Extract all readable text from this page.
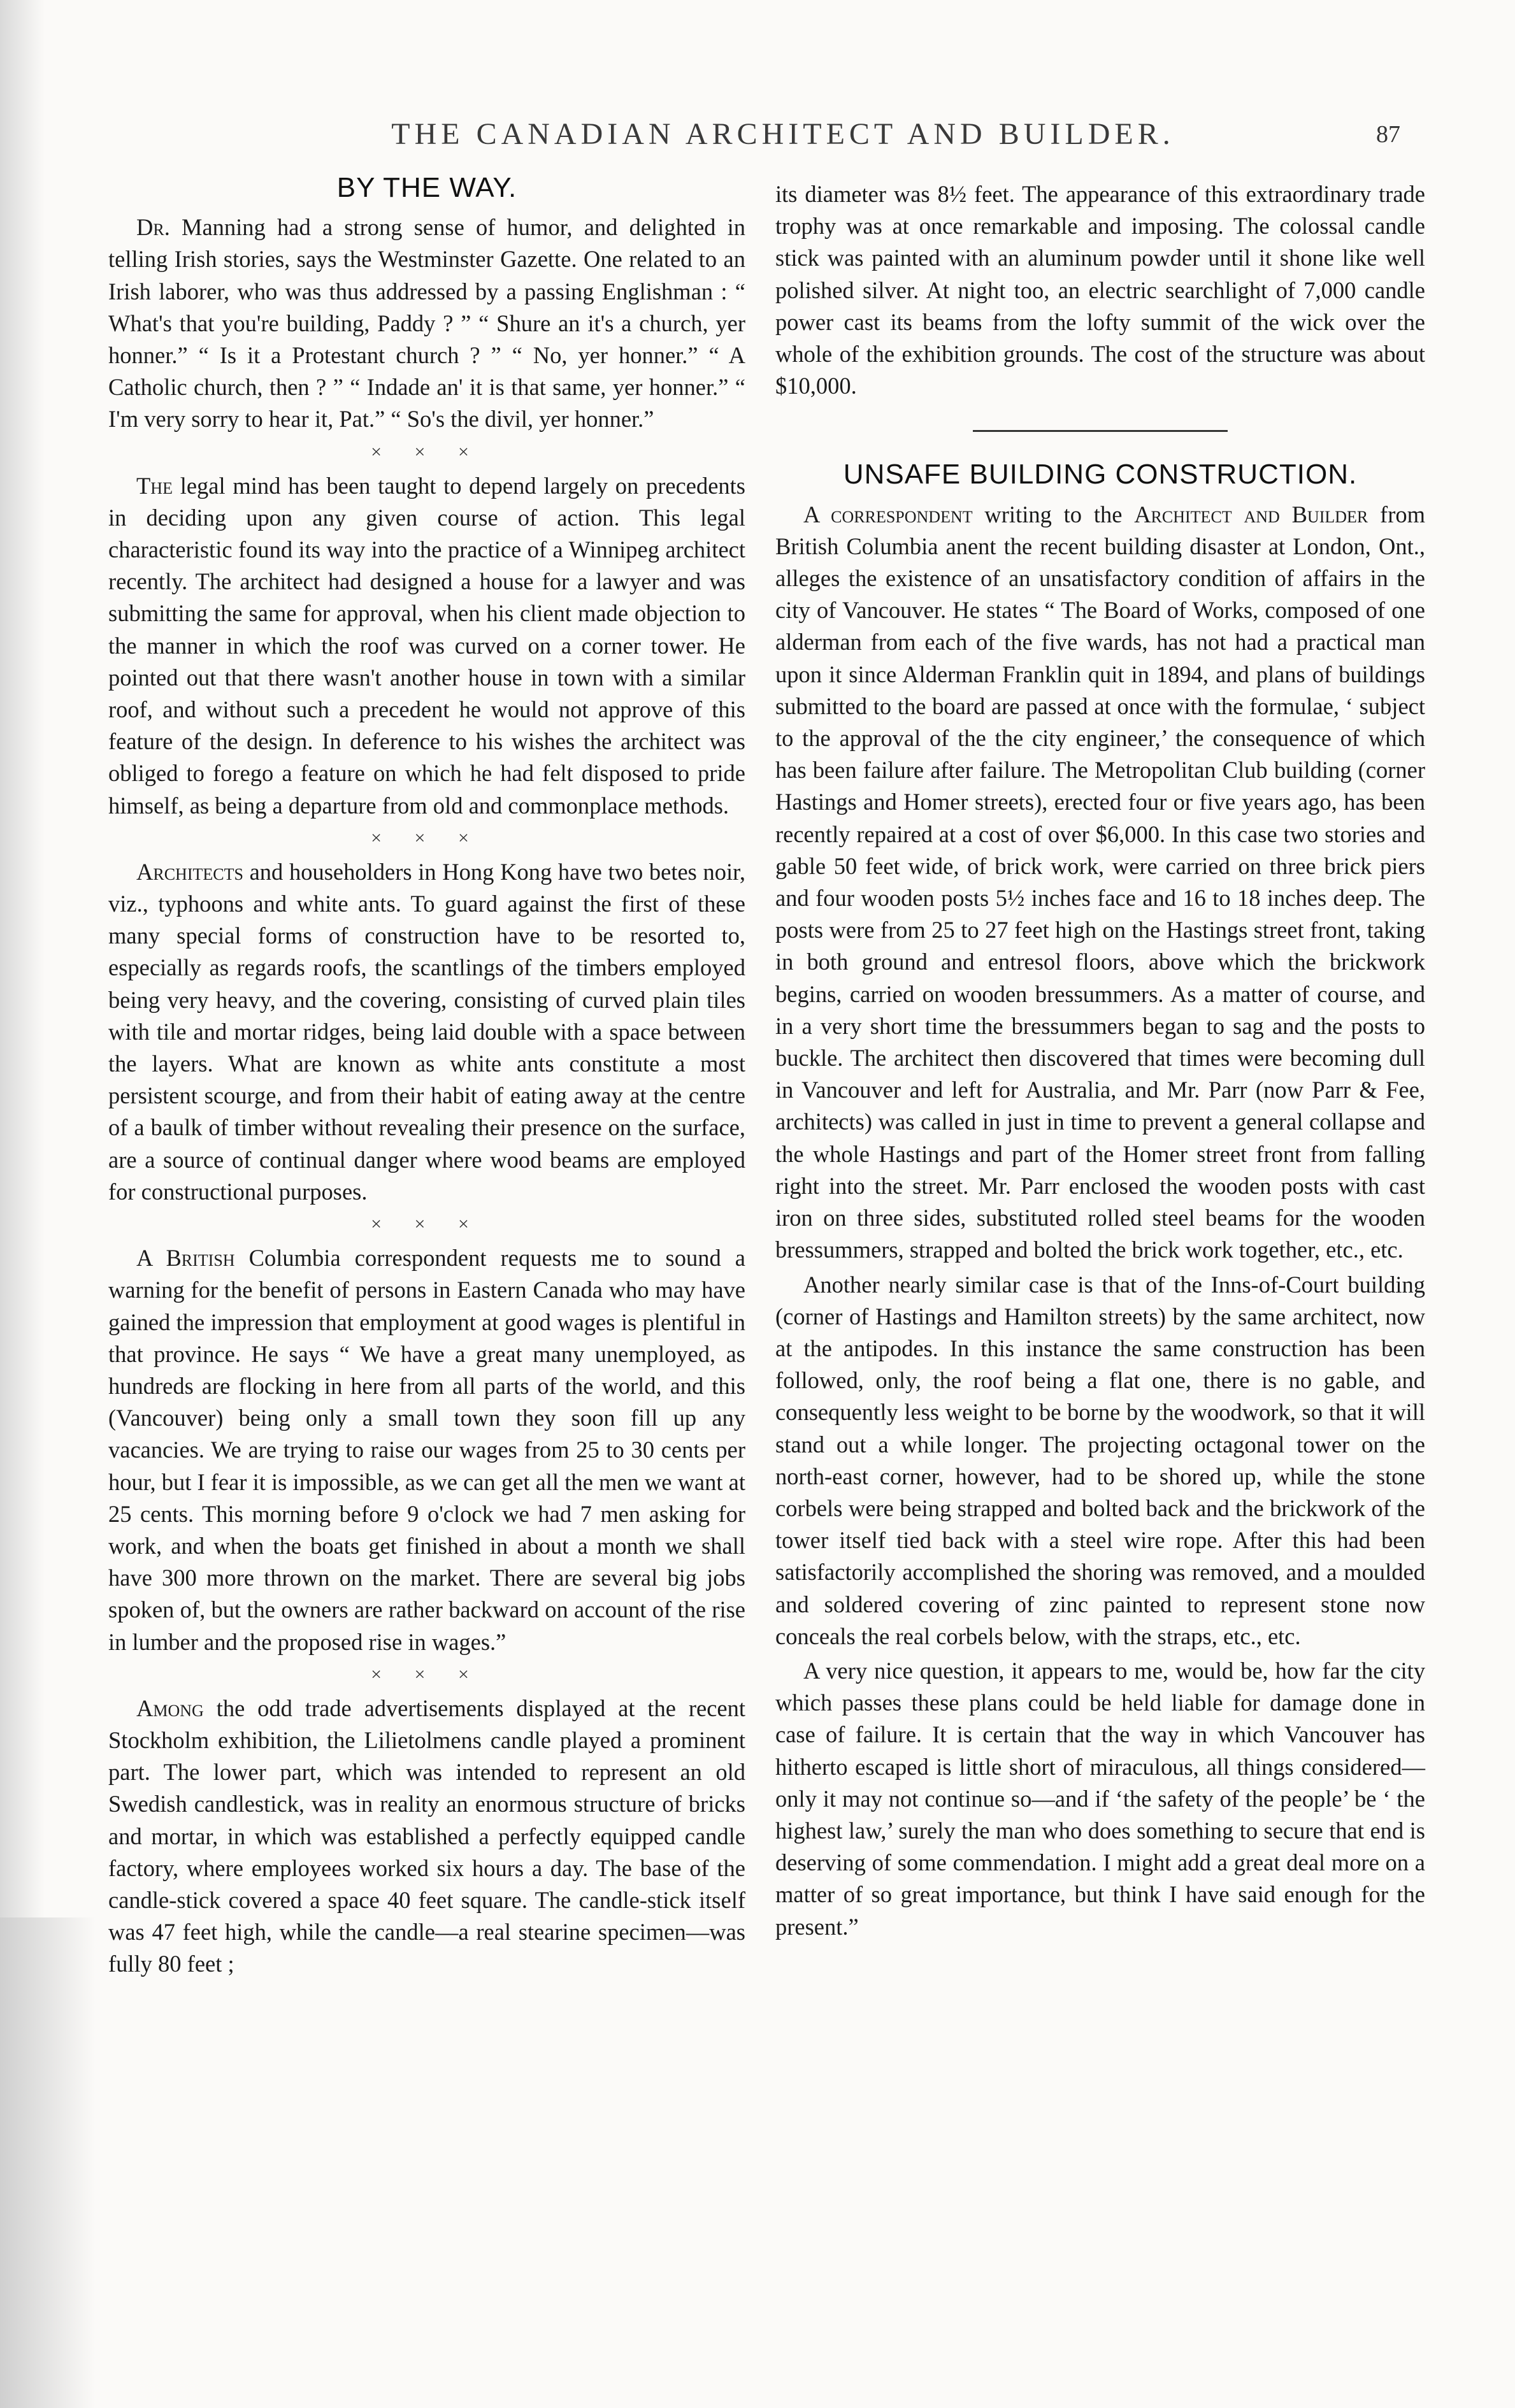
THE CANADIAN ARCHITECT AND BUILDER.	87
BY THE WAY.

Dr. Manning had a strong sense of humor, and delighted in telling Irish stories, says the Westminster Gazette. One related to an Irish laborer, who was thus addressed by a passing Englishman : “ What's that you're building, Paddy ? ” “ Shure an it's a church, yer honner.” “ Is it a Protestant church ? ” “ No, yer honner.” “ A Catholic church, then ? ” “ Indade an' it is that same, yer honner.” “ I'm very sorry to hear it, Pat.” “ So's the divil, yer honner.”

× × ×

The legal mind has been taught to depend largely on precedents in deciding upon any given course of action. This legal characteristic found its way into the practice of a Winnipeg architect recently. The architect had designed a house for a lawyer and was submitting the same for approval, when his client made objection to the manner in which the roof was curved on a corner tower. He pointed out that there wasn't another house in town with a similar roof, and without such a precedent he would not approve of this feature of the design. In deference to his wishes the architect was obliged to forego a feature on which he had felt disposed to pride himself, as being a departure from old and commonplace methods.

× × ×

Architects and householders in Hong Kong have two betes noir, viz., typhoons and white ants. To guard against the first of these many special forms of construction have to be resorted to, especially as regards roofs, the scantlings of the timbers employed being very heavy, and the covering, consisting of curved plain tiles with tile and mortar ridges, being laid double with a space between the layers. What are known as white ants constitute a most persistent scourge, and from their habit of eating away at the centre of a baulk of timber without revealing their presence on the surface, are a source of continual danger where wood beams are employed for constructional purposes.

× × ×

A British Columbia correspondent requests me to sound a warning for the benefit of persons in Eastern Canada who may have gained the impression that employment at good wages is plentiful in that province. He says “ We have a great many unemployed, as hundreds are flocking in here from all parts of the world, and this (Vancouver) being only a small town they soon fill up any vacancies. We are trying to raise our wages from 25 to 30 cents per hour, but I fear it is impossible, as we can get all the men we want at 25 cents. This morning before 9 o'clock we had 7 men asking for work, and when the boats get finished in about a month we shall have 300 more thrown on the market. There are several big jobs spoken of, but the owners are rather backward on account of the rise in lumber and the proposed rise in wages.”

× × ×

Among the odd trade advertisements displayed at the recent Stockholm exhibition, the Lilietolmens candle played a prominent part. The lower part, which was intended to represent an old Swedish candlestick, was in reality an enormous structure of bricks and mortar, in which was established a perfectly equipped candle factory, where employees worked six hours a day. The base of the candle-stick covered a space 40 feet square. The candle-stick itself was 47 feet high, while the candle—a real stearine specimen—was fully 80 feet ;

its diameter was 8½ feet. The appearance of this extraordinary trade trophy was at once remarkable and imposing. The colossal candle stick was painted with an aluminum powder until it shone like well polished silver. At night too, an electric searchlight of 7,000 candle power cast its beams from the lofty summit of the wick over the whole of the exhibition grounds. The cost of the structure was about $10,000.

UNSAFE BUILDING CONSTRUCTION.

A correspondent writing to the Architect and Builder from British Columbia anent the recent building disaster at London, Ont., alleges the existence of an unsatisfactory condition of affairs in the city of Vancouver. He states “ The Board of Works, composed of one alderman from each of the five wards, has not had a practical man upon it since Alderman Franklin quit in 1894, and plans of buildings submitted to the board are passed at once with the formulae, ‘ subject to the approval of the the city engineer,’ the consequence of which has been failure after failure. The Metropolitan Club building (corner Hastings and Homer streets), erected four or five years ago, has been recently repaired at a cost of over $6,000. In this case two stories and gable 50 feet wide, of brick work, were carried on three brick piers and four wooden posts 5½ inches face and 16 to 18 inches deep. The posts were from 25 to 27 feet high on the Hastings street front, taking in both ground and entresol floors, above which the brickwork begins, carried on wooden bressummers. As a matter of course, and in a very short time the bressummers began to sag and the posts to buckle. The architect then discovered that times were becoming dull in Vancouver and left for Australia, and Mr. Parr (now Parr & Fee, architects) was called in just in time to prevent a general collapse and the whole Hastings and part of the Homer street front from falling right into the street. Mr. Parr enclosed the wooden posts with cast iron on three sides, substituted rolled steel beams for the wooden bressummers, strapped and bolted the brick work together, etc., etc.

Another nearly similar case is that of the Inns-of-Court building (corner of Hastings and Hamilton streets) by the same architect, now at the antipodes. In this instance the same construction has been followed, only, the roof being a flat one, there is no gable, and consequently less weight to be borne by the woodwork, so that it will stand out a while longer. The projecting octagonal tower on the north-east corner, however, had to be shored up, while the stone corbels were being strapped and bolted back and the brickwork of the tower itself tied back with a steel wire rope. After this had been satisfactorily accomplished the shoring was removed, and a moulded and soldered covering of zinc painted to represent stone now conceals the real corbels below, with the straps, etc., etc.

A very nice question, it appears to me, would be, how far the city which passes these plans could be held liable for damage done in case of failure. It is certain that the way in which Vancouver has hitherto escaped is little short of miraculous, all things considered—only it may not continue so—and if ‘the safety of the people’ be ‘ the highest law,’ surely the man who does something to secure that end is deserving of some commendation. I might add a great deal more on a matter of so great importance, but think I have said enough for the present.”
